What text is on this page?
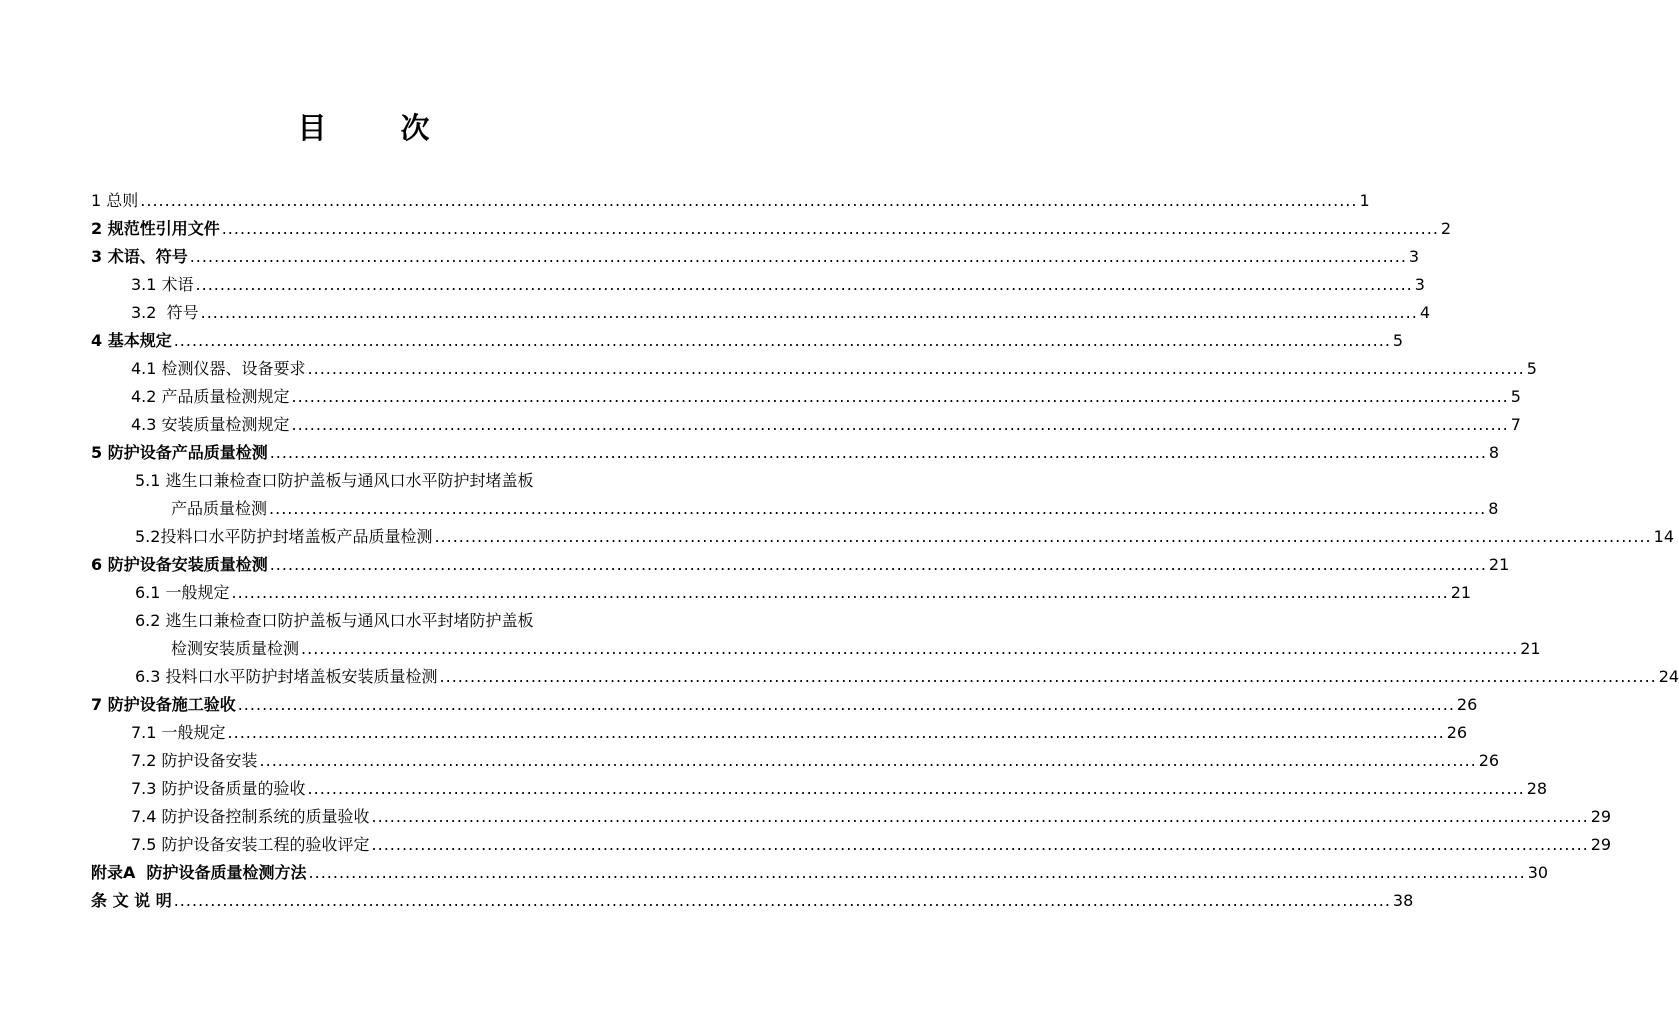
目 次
1 总则 ........................................................................................................................................................................................................ 1
2 规范性引用文件 ........................................................................................................................................................................................................ 2
3 术语、符号 ........................................................................................................................................................................................................ 3
3.1 术语 ........................................................................................................................................................................................................ 3
3.2  符号 ........................................................................................................................................................................................................ 4
4 基本规定 ........................................................................................................................................................................................................ 5
4.1 检测仪器、设备要求 ........................................................................................................................................................................................................ 5
4.2 产品质量检测规定 ........................................................................................................................................................................................................ 5
4.3 安装质量检测规定 ........................................................................................................................................................................................................ 7
5 防护设备产品质量检测 ........................................................................................................................................................................................................ 8
5.1 逃生口兼检查口防护盖板与通风口水平防护封堵盖板
产品质量检测 ........................................................................................................................................................................................................ 8
5.2投料口水平防护封堵盖板产品质量检测 ........................................................................................................................................................................................................ 14
6 防护设备安装质量检测 ........................................................................................................................................................................................................ 21
6.1 一般规定 ........................................................................................................................................................................................................ 21
6.2 逃生口兼检查口防护盖板与通风口水平封堵防护盖板
检测安装质量检测 ........................................................................................................................................................................................................ 21
6.3 投料口水平防护封堵盖板安装质量检测 ........................................................................................................................................................................................................ 24
7 防护设备施工验收 ........................................................................................................................................................................................................ 26
7.1 一般规定 ........................................................................................................................................................................................................ 26
7.2 防护设备安装 ........................................................................................................................................................................................................ 26
7.3 防护设备质量的验收 ........................................................................................................................................................................................................ 28
7.4 防护设备控制系统的质量验收 ........................................................................................................................................................................................................ 29
7.5 防护设备安装工程的验收评定 ........................................................................................................................................................................................................ 29
附录A  防护设备质量检测方法 ........................................................................................................................................................................................................ 30
条 文 说 明 ........................................................................................................................................................................................................ 38
